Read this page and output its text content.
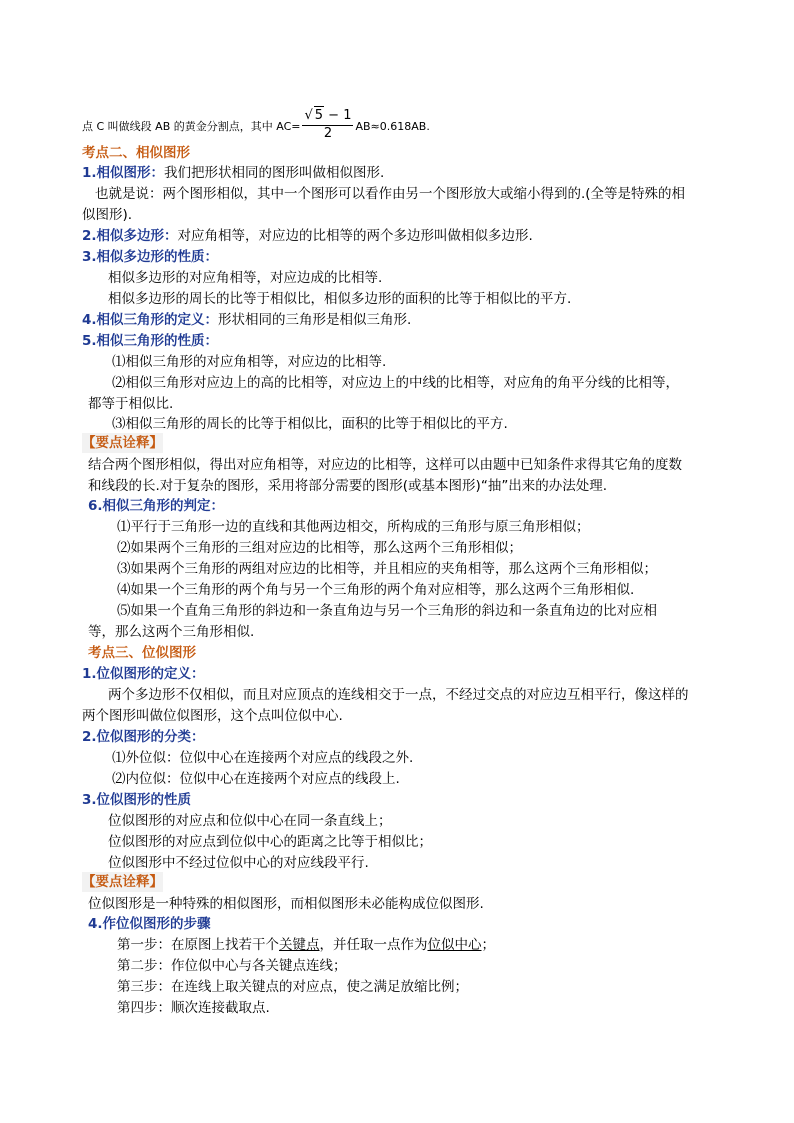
点 C 叫做线段 AB 的黄金分割点，其中 $AC= \frac{√ 5 - 1}{2} AB\approx 0.618AB$.
考点二、相似图形
1.相似图形：我们把形状相同的图形叫做相似图形.
也就是说：两个图形相似，其中一个图形可以看作由另一个图形放大或缩小得到的.(全等是特殊的相
似图形).
2.相似多边形：对应角相等，对应边的比相等的两个多边形叫做相似多边形.
3.相似多边形的性质：
相似多边形的对应角相等，对应边成的比相等.
相似多边形的周长的比等于相似比，相似多边形的面积的比等于相似比的平方.
4.相似三角形的定义：形状相同的三角形是相似三角形.
5.相似三角形的性质：
⑴相似三角形的对应角相等，对应边的比相等.
⑵相似三角形对应边上的高的比相等，对应边上的中线的比相等，对应角的角平分线的比相等，
都等于相似比.
⑶相似三角形的周长的比等于相似比，面积的比等于相似比的平方.
【要点诠释】
结合两个图形相似，得出对应角相等，对应边的比相等，这样可以由题中已知条件求得其它角的度数
和线段的长.对于复杂的图形，采用将部分需要的图形(或基本图形)“抽”出来的办法处理.
6.相似三角形的判定：
⑴平行于三角形一边的直线和其他两边相交，所构成的三角形与原三角形相似；
⑵如果两个三角形的三组对应边的比相等，那么这两个三角形相似；
⑶如果两个三角形的两组对应边的比相等，并且相应的夹角相等，那么这两个三角形相似；
⑷如果一个三角形的两个角与另一个三角形的两个角对应相等，那么这两个三角形相似.
⑸如果一个直角三角形的斜边和一条直角边与另一个三角形的斜边和一条直角边的比对应相
等，那么这两个三角形相似.
考点三、位似图形
1.位似图形的定义：
两个多边形不仅相似，而且对应顶点的连线相交于一点，不经过交点的对应边互相平行，像这样的
两个图形叫做位似图形，这个点叫位似中心.
2.位似图形的分类：
⑴外位似：位似中心在连接两个对应点的线段之外.
⑵内位似：位似中心在连接两个对应点的线段上.
3.位似图形的性质
位似图形的对应点和位似中心在同一条直线上；
位似图形的对应点到位似中心的距离之比等于相似比；
位似图形中不经过位似中心的对应线段平行.
【要点诠释】
位似图形是一种特殊的相似图形，而相似图形未必能构成位似图形.
4.作位似图形的步骤
第一步：在原图上找若干个关键点，并任取一点作为位似中心；
第二步：作位似中心与各关键点连线；
第三步：在连线上取关键点的对应点，使之满足放缩比例；
第四步：顺次连接截取点.
